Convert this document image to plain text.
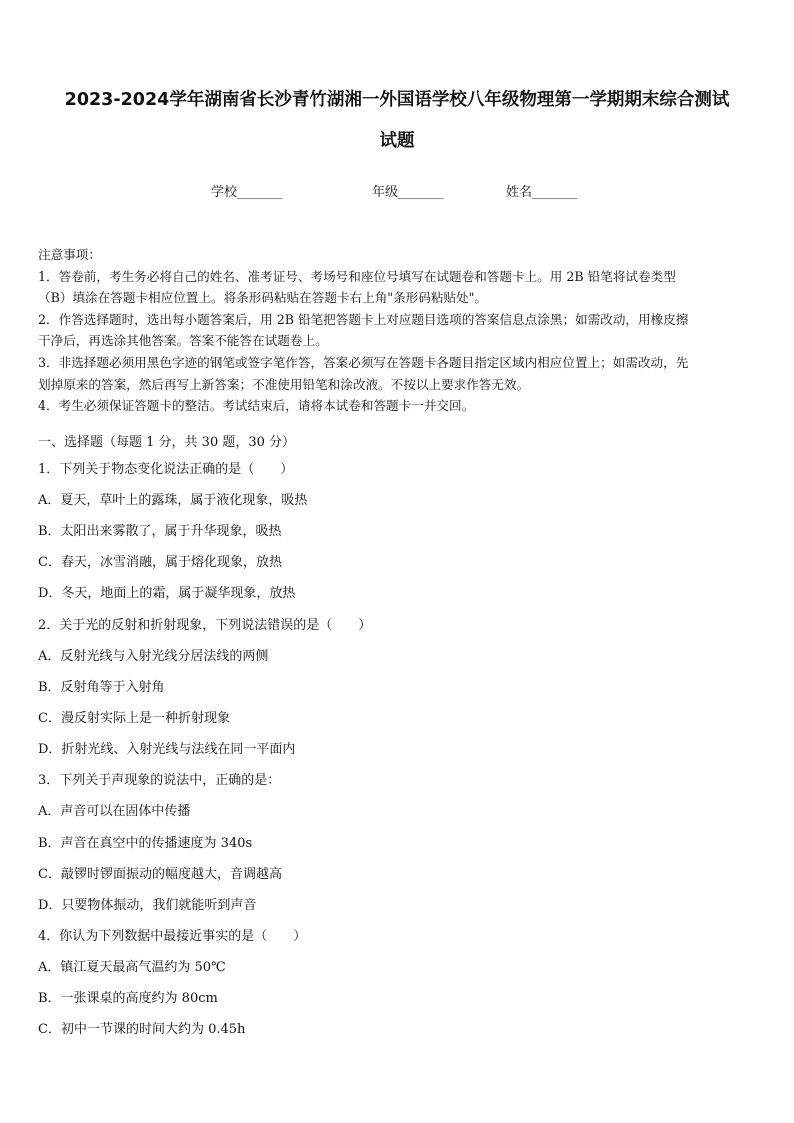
2023-2024学年湖南省长沙青竹湖湘一外国语学校八年级物理第一学期期末综合测试
试题
学校_______	年级_______	姓名_______

注意事项：

1．答卷前，考生务必将自己的姓名、准考证号、考场号和座位号填写在试题卷和答题卡上。用 2B 铅笔将试卷类型

（B）填涂在答题卡相应位置上。将条形码粘贴在答题卡右上角"条形码粘贴处"。

2．作答选择题时，选出每小题答案后，用 2B 铅笔把答题卡上对应题目选项的答案信息点涂黑；如需改动，用橡皮擦

干净后，再选涂其他答案。答案不能答在试题卷上。

3．非选择题必须用黑色字迹的钢笔或签字笔作答，答案必须写在答题卡各题目指定区域内相应位置上；如需改动，先

划掉原来的答案，然后再写上新答案；不准使用铅笔和涂改液。不按以上要求作答无效。

4．考生必须保证答题卡的整洁。考试结束后，请将本试卷和答题卡一并交回。

一、选择题（每题 1 分，共 30 题，30 分）
1．下列关于物态变化说法正确的是（　　）
A．夏天，草叶上的露珠，属于液化现象，吸热
B．太阳出来雾散了，属于升华现象，吸热
C．春天，冰雪消融，属于熔化现象，放热
D．冬天，地面上的霜，属于凝华现象，放热
2．关于光的反射和折射现象，下列说法错误的是（　　）
A．反射光线与入射光线分居法线的两侧
B．反射角等于入射角
C．漫反射实际上是一种折射现象
D．折射光线、入射光线与法线在同一平面内
3．下列关于声现象的说法中，正确的是：
A．声音可以在固体中传播
B．声音在真空中的传播速度为 340s
C．敲锣时锣面振动的幅度越大，音调越高
D．只要物体振动，我们就能听到声音
4．你认为下列数据中最接近事实的是（　　）
A．镇江夏天最高气温约为 50℃
B．一张课桌的高度约为 80cm
C．初中一节课的时间大约为 0.45h
